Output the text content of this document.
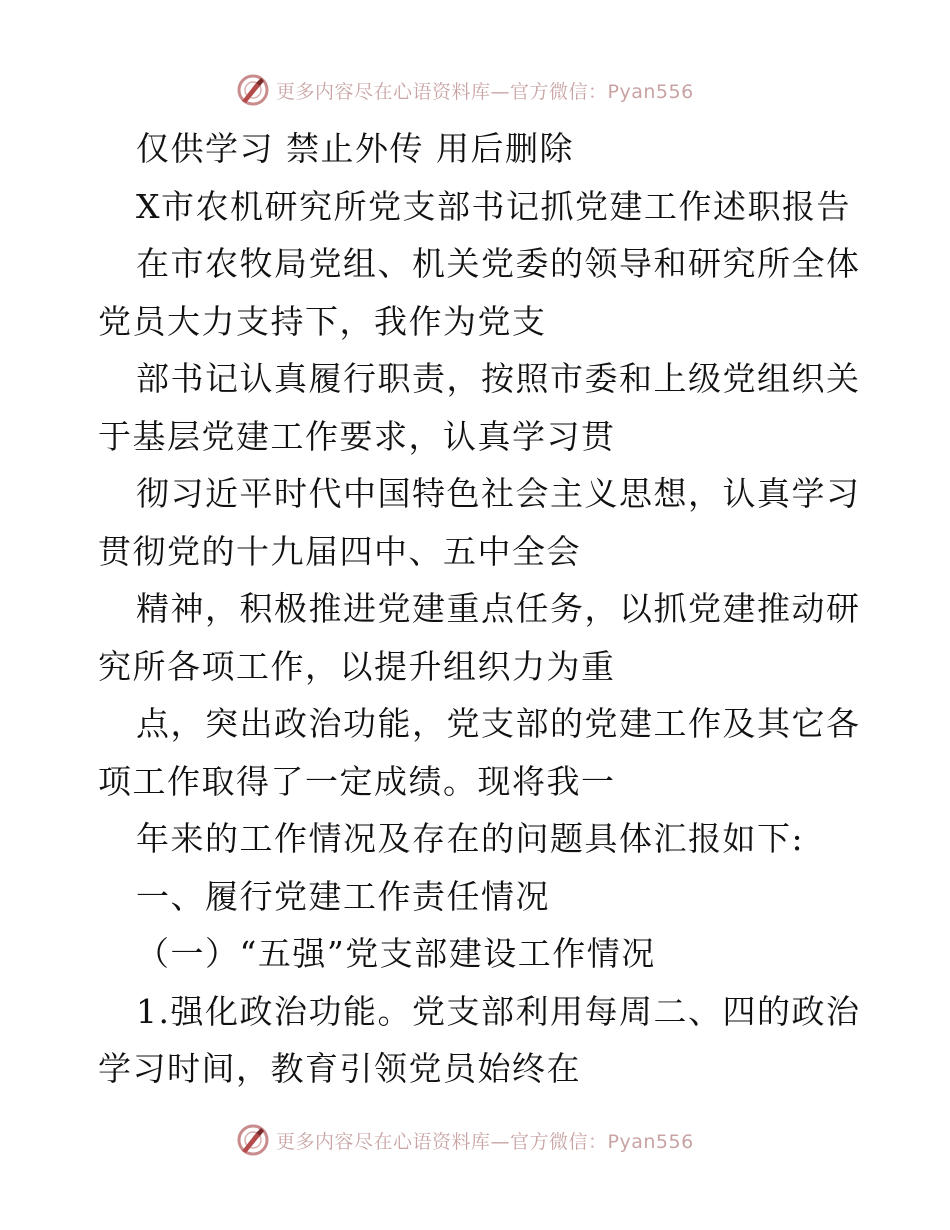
更多内容尽在心语资料库—官方微信：Pyan556
仅供学习 禁止外传 用后删除
X市农机研究所党支部书记抓党建工作述职报告
在市农牧局党组、机关党委的领导和研究所全体
党员大力支持下，我作为党支
部书记认真履行职责，按照市委和上级党组织关
于基层党建工作要求，认真学习贯
彻习近平时代中国特色社会主义思想，认真学习
贯彻党的十九届四中、五中全会
精神，积极推进党建重点任务，以抓党建推动研
究所各项工作，以提升组织力为重
点，突出政治功能，党支部的党建工作及其它各
项工作取得了一定成绩。现将我一
年来的工作情况及存在的问题具体汇报如下:
一、履行党建工作责任情况
（一）“五强”党支部建设工作情况
1.强化政治功能。党支部利用每周二、四的政治
学习时间，教育引领党员始终在
更多内容尽在心语资料库—官方微信：Pyan556
